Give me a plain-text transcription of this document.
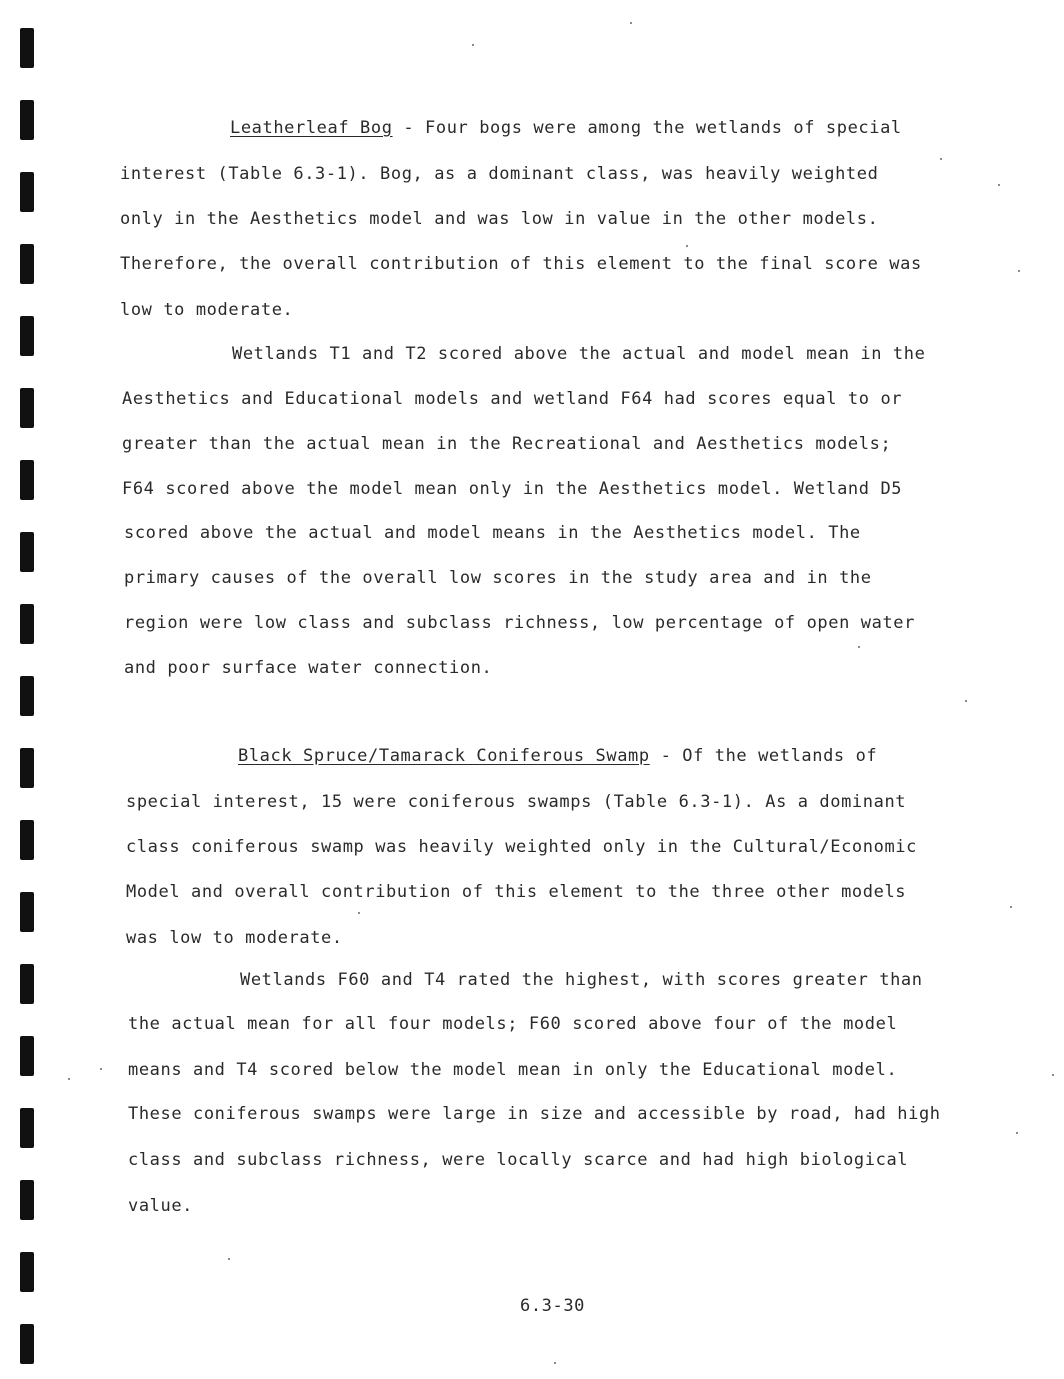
Leatherleaf Bog - Four bogs were among the wetlands of special
interest (Table 6.3-1). Bog, as a dominant class, was heavily weighted
only in the Aesthetics model and was low in value in the other models.
Therefore, the overall contribution of this element to the final score was
low to moderate.
Wetlands T1 and T2 scored above the actual and model mean in the
Aesthetics and Educational models and wetland F64 had scores equal to or
greater than the actual mean in the Recreational and Aesthetics models;
F64 scored above the model mean only in the Aesthetics model. Wetland D5
scored above the actual and model means in the Aesthetics model. The
primary causes of the overall low scores in the study area and in the
region were low class and subclass richness, low percentage of open water
and poor surface water connection.
Black Spruce/Tamarack Coniferous Swamp - Of the wetlands of
special interest, 15 were coniferous swamps (Table 6.3-1). As a dominant
class coniferous swamp was heavily weighted only in the Cultural/Economic
Model and overall contribution of this element to the three other models
was low to moderate.
Wetlands F60 and T4 rated the highest, with scores greater than
the actual mean for all four models; F60 scored above four of the model
means and T4 scored below the model mean in only the Educational model.
These coniferous swamps were large in size and accessible by road, had high
class and subclass richness, were locally scarce and had high biological
value.
6.3-30
